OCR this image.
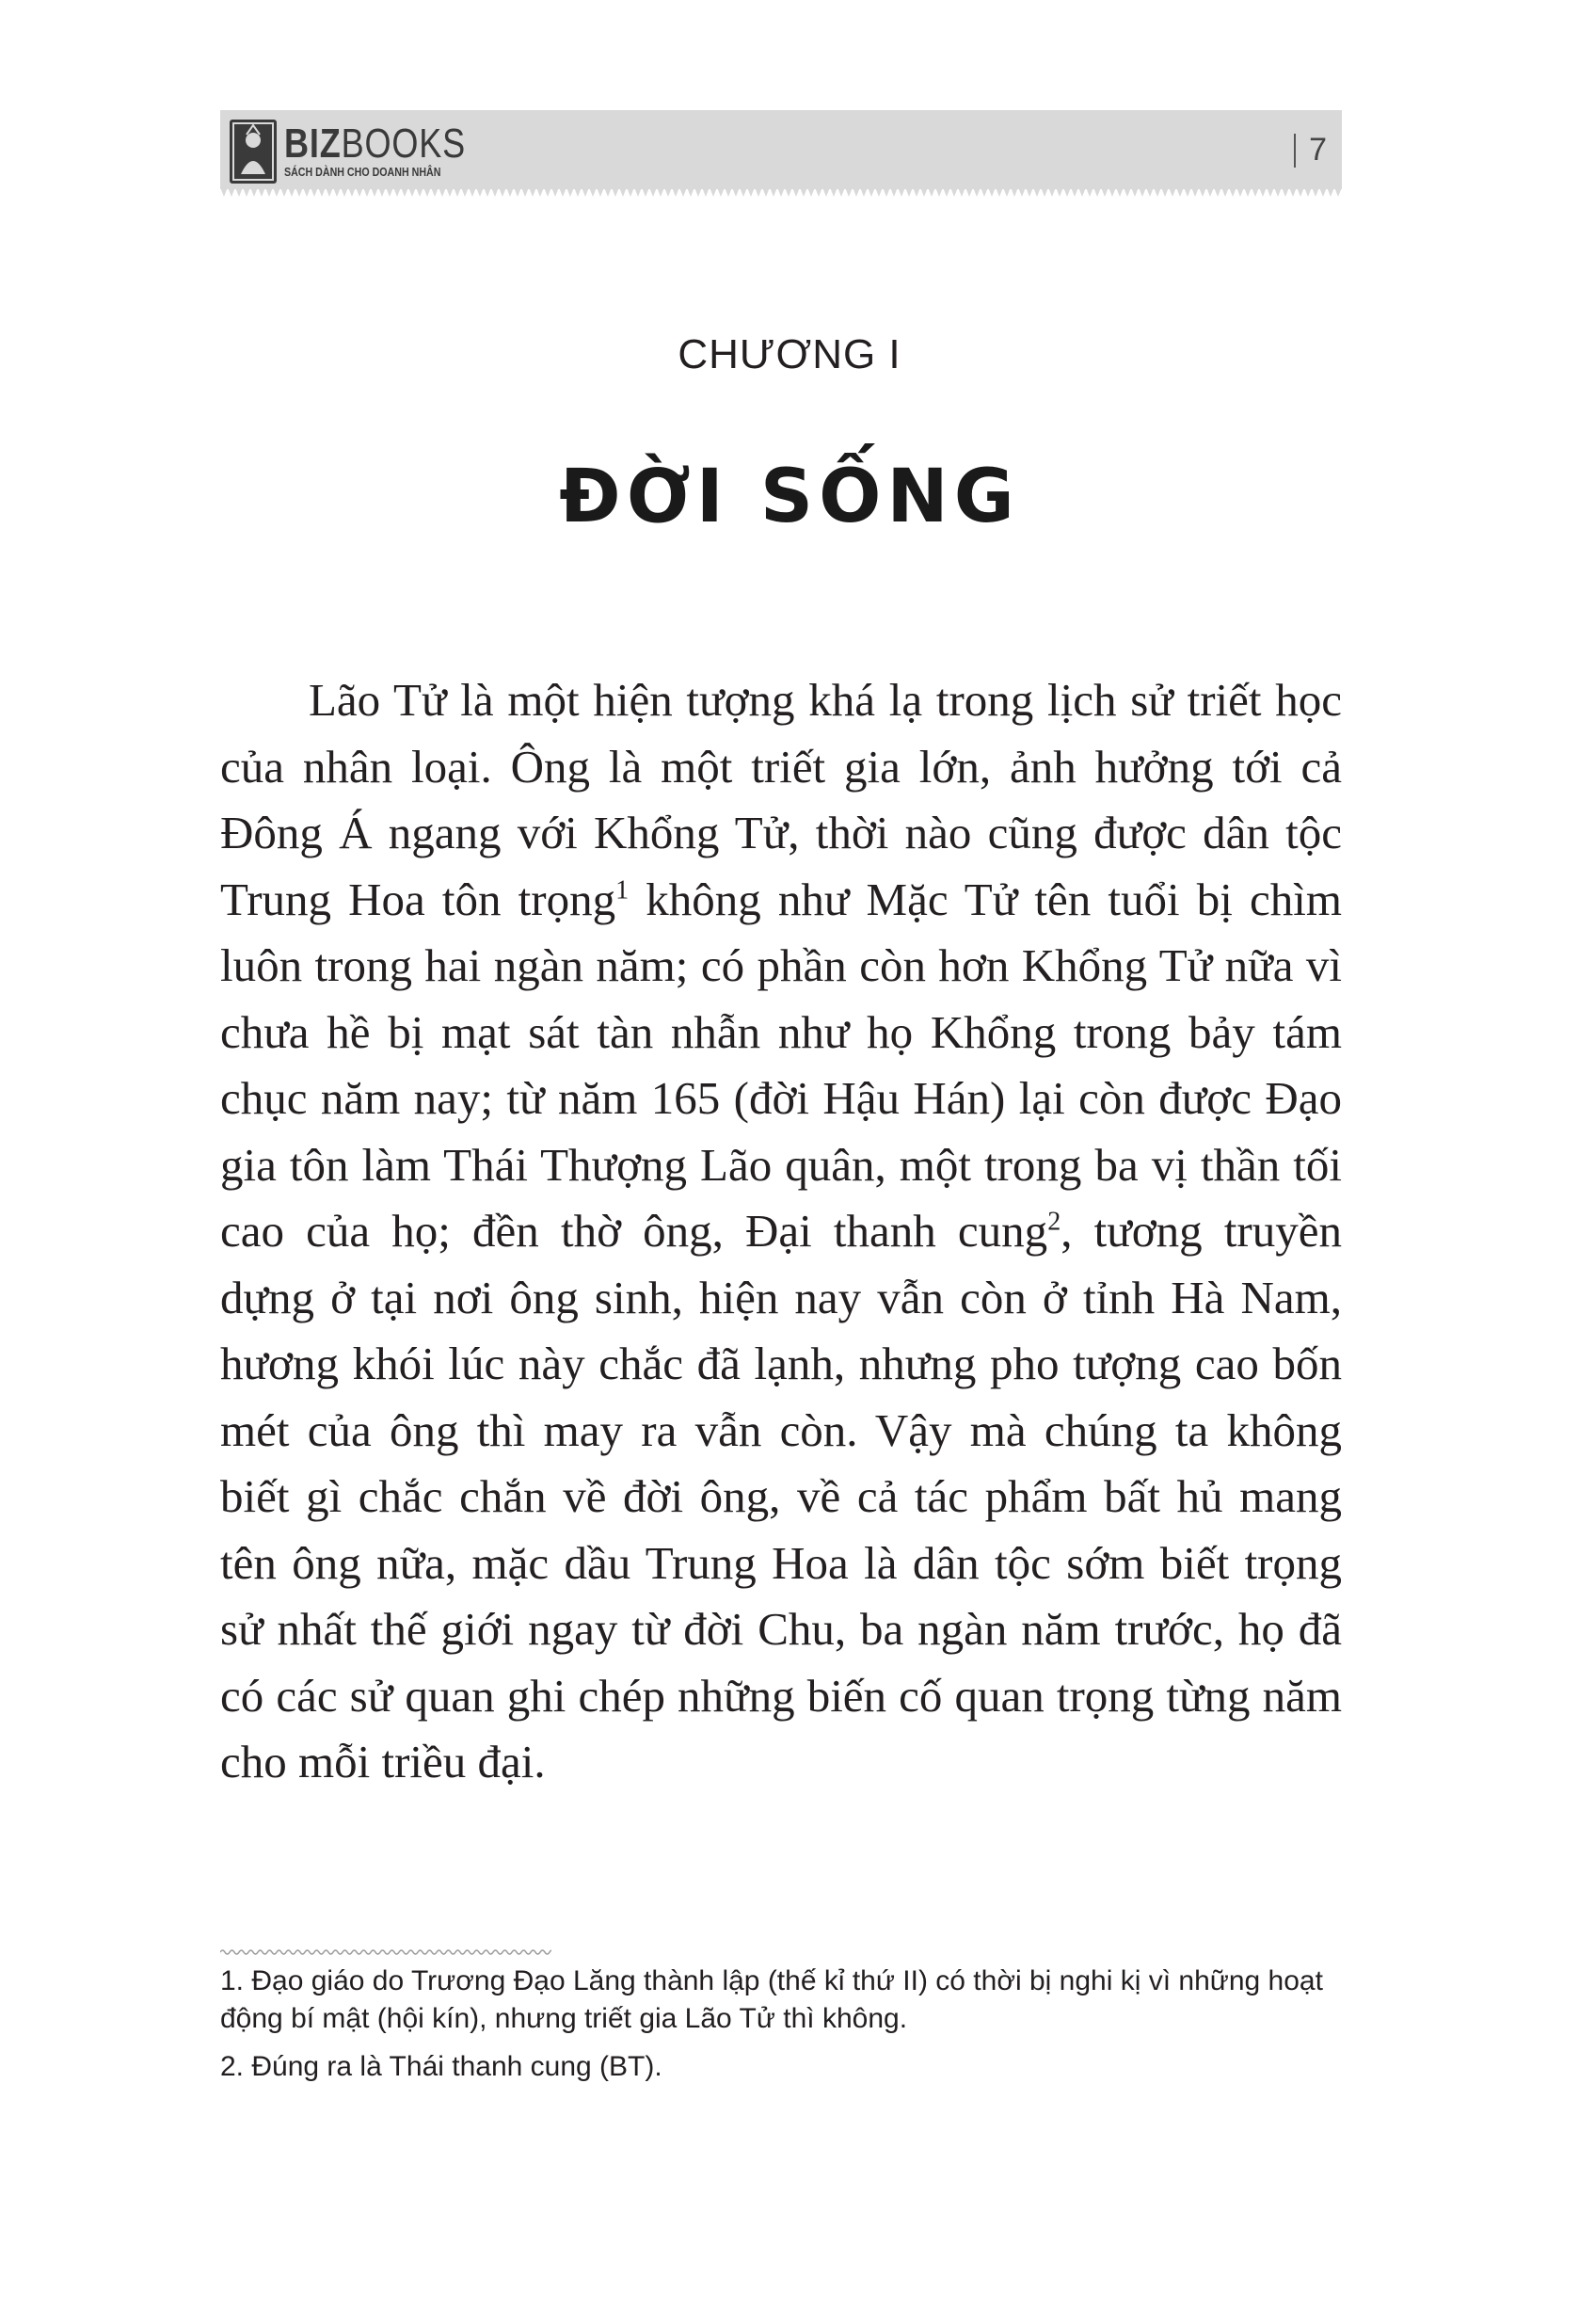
BIZBOOKS
SÁCH DÀNH CHO DOANH NHÂN
7
CHƯƠNG I
ĐỜI SỐNG

Lão Tử là một hiện tượng khá lạ trong lịch sử triết học của nhân loại. Ông là một triết gia lớn, ảnh hưởng tới cả Đông Á ngang với Khổng Tử, thời nào cũng được dân tộc Trung Hoa tôn trọng$^1$ không như Mặc Tử tên tuổi bị chìm luôn trong hai ngàn năm; có phần còn hơn Khổng Tử nữa vì chưa hề bị mạt sát tàn nhẫn như họ Khổng trong bảy tám chục năm nay; từ năm 165 (đời Hậu Hán) lại còn được Đạo gia tôn làm Thái Thượng Lão quân, một trong ba vị thần tối cao của họ; đền thờ ông, Đại thanh cung$^2$, tương truyền dựng ở tại nơi ông sinh, hiện nay vẫn còn ở tỉnh Hà Nam, hương khói lúc này chắc đã lạnh, nhưng pho tượng cao bốn mét của ông thì may ra vẫn còn. Vậy mà chúng ta không biết gì chắc chắn về đời ông, về cả tác phẩm bất hủ mang tên ông nữa, mặc dầu Trung Hoa là dân tộc sớm biết trọng sử nhất thế giới ngay từ đời Chu, ba ngàn năm trước, họ đã có các sử quan ghi chép những biến cố quan trọng từng năm cho mỗi triều đại.

1. Đạo giáo do Trương Đạo Lăng thành lập (thế kỉ thứ II) có thời bị nghi kị vì những hoạt động bí mật (hội kín), nhưng triết gia Lão Tử thì không.

2. Đúng ra là Thái thanh cung (BT).
